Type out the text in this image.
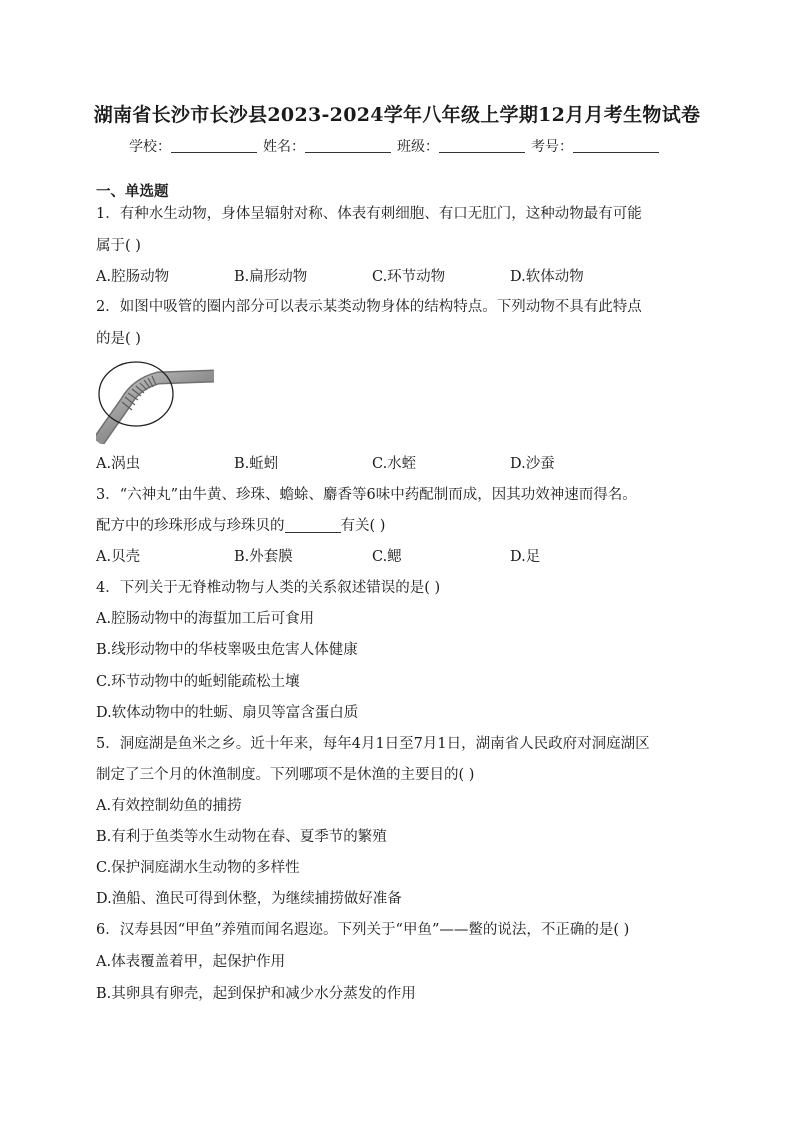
湖南省长沙市长沙县2023-2024学年八年级上学期12月月考生物试卷
学校：	姓名：	班级：	考号：
一、单选题
1．有种水生动物，身体呈辐射对称、体表有刺细胞、有口无肛门，这种动物最有可能
属于( )
A.腔肠动物	B.扁形动物	C.环节动物	D.软体动物
2．如图中吸管的圈内部分可以表示某类动物身体的结构特点。下列动物不具有此特点
的是( )
A.涡虫	B.蚯蚓	C.水蛭	D.沙蚕
3．“六神丸”由牛黄、珍珠、蟾蜍、麝香等6味中药配制而成，因其功效神速而得名。
配方中的珍珠形成与珍珠贝的	有关( )
A.贝壳	B.外套膜	C.鳃	D.足
4．下列关于无脊椎动物与人类的关系叙述错误的是( )
A.腔肠动物中的海蜇加工后可食用
B.线形动物中的华枝睾吸虫危害人体健康
C.环节动物中的蚯蚓能疏松土壤
D.软体动物中的牡蛎、扇贝等富含蛋白质
5．洞庭湖是鱼米之乡。近十年来，每年4月1日至7月1日，湖南省人民政府对洞庭湖区
制定了三个月的休渔制度。下列哪项不是休渔的主要目的( )
A.有效控制幼鱼的捕捞
B.有利于鱼类等水生动物在春、夏季节的繁殖
C.保护洞庭湖水生动物的多样性
D.渔船、渔民可得到休整，为继续捕捞做好准备
6．汉寿县因“甲鱼”养殖而闻名遐迩。下列关于“甲鱼”——鳖的说法，不正确的是( )
A.体表覆盖着甲，起保护作用
B.其卵具有卵壳，起到保护和减少水分蒸发的作用
